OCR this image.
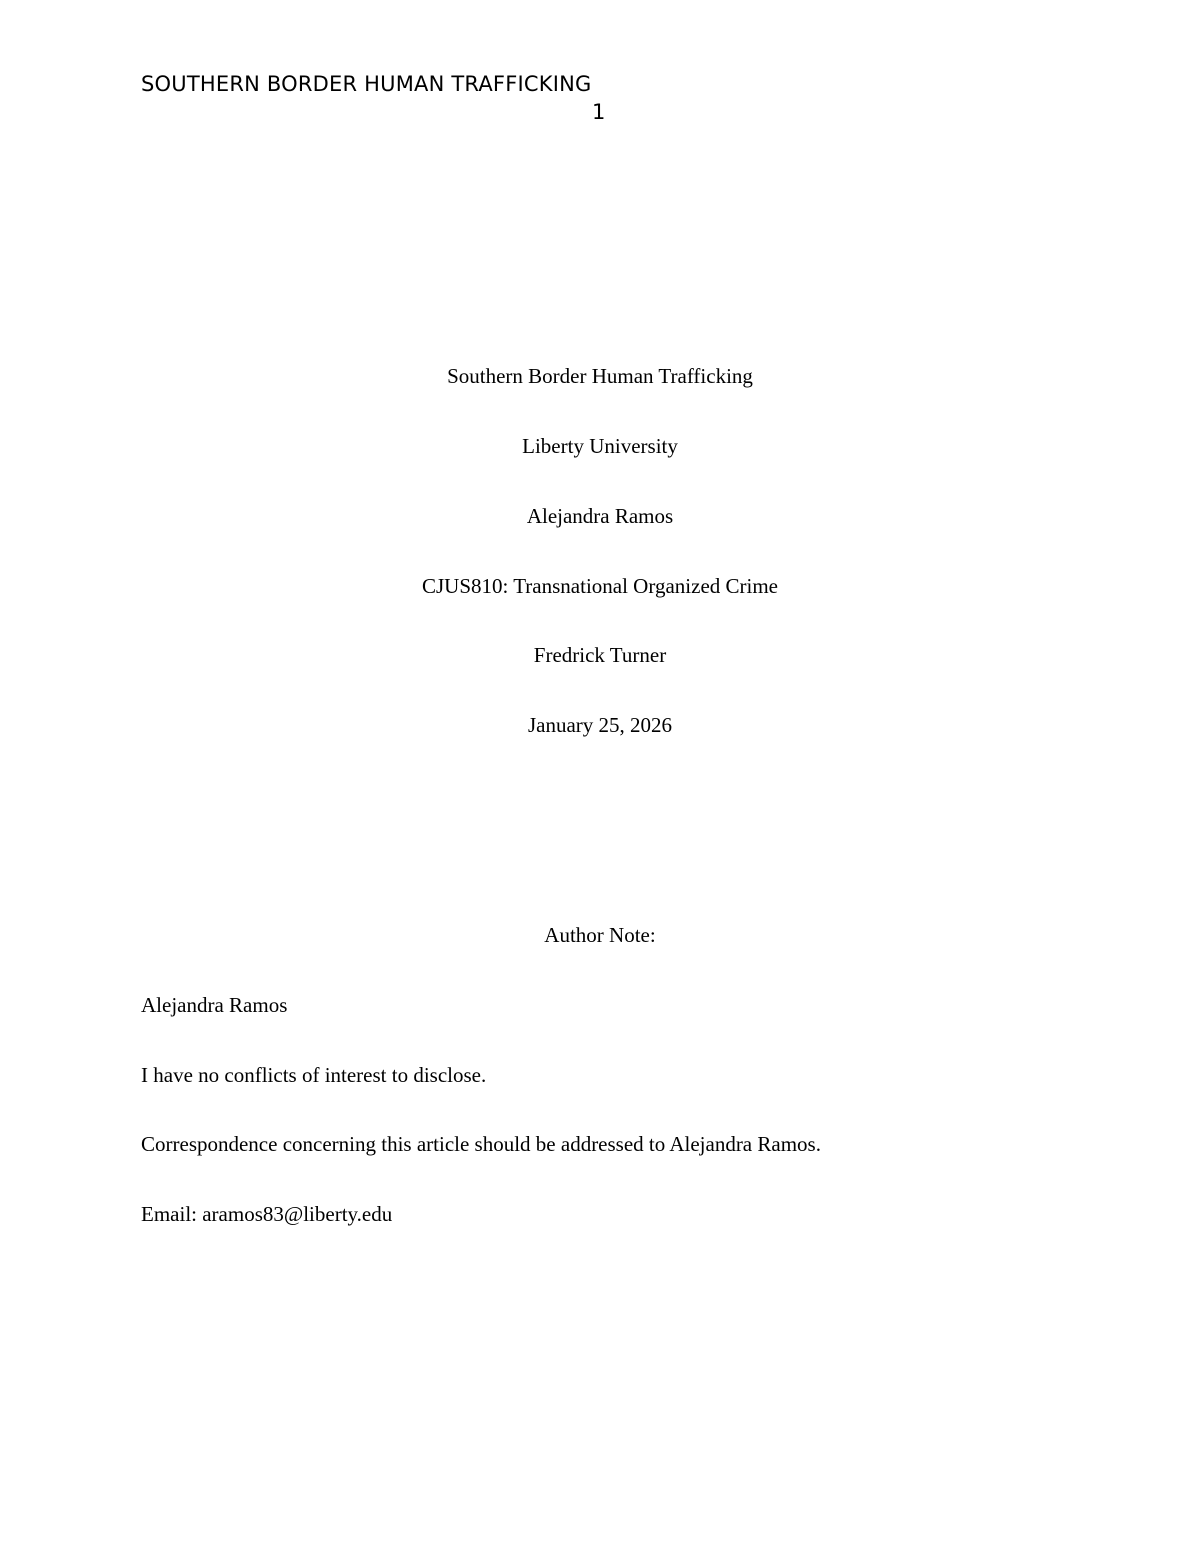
SOUTHERN BORDER HUMAN TRAFFICKING
1
Southern Border Human Trafficking
Liberty University
Alejandra Ramos
CJUS810: Transnational Organized Crime
Fredrick Turner
January 25, 2026
Author Note:
Alejandra Ramos
I have no conflicts of interest to disclose.
Correspondence concerning this article should be addressed to Alejandra Ramos.
Email: aramos83@liberty.edu
